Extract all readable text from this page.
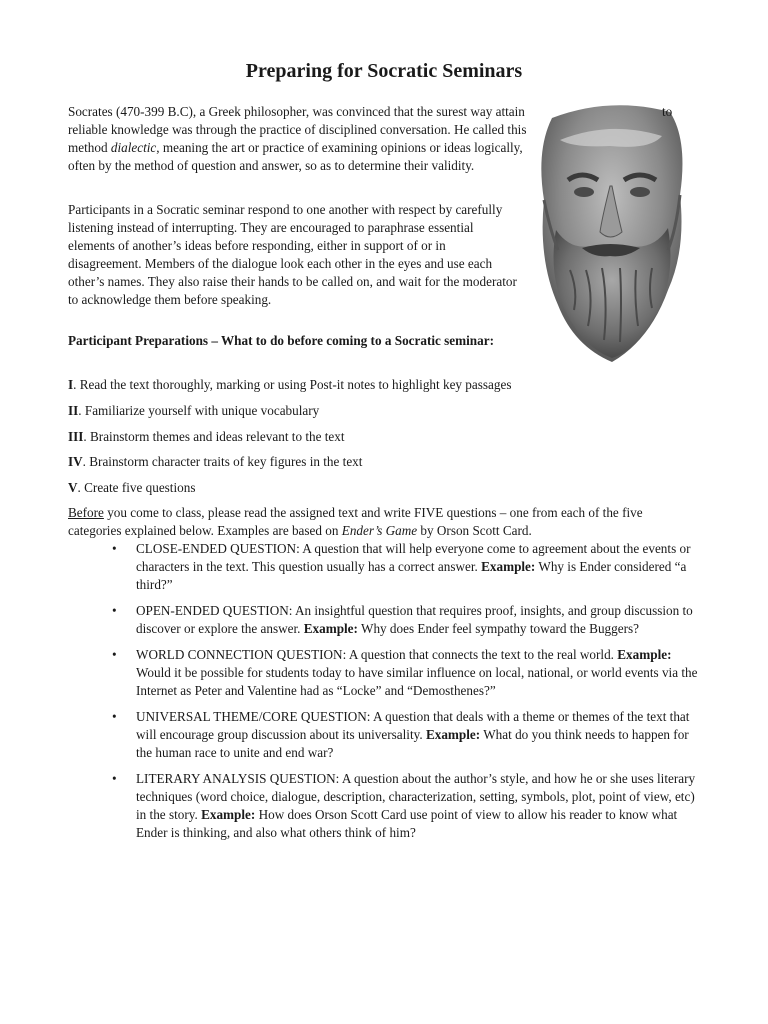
Preparing for Socratic Seminars

Socrates (470-399 B.C), a Greek philosopher, was convinced that the surest way attain reliable knowledge was through the practice of disciplined conversation. He called this method dialectic, meaning the art or practice of examining opinions or ideas logically, often by the method of question and answer, so as to determine their validity.

to

Participants in a Socratic seminar respond to one another with respect by carefully listening instead of interrupting. They are encouraged to paraphrase essential elements of another’s ideas before responding, either in support of or in disagreement. Members of the dialogue look each other in the eyes and use each other’s names. They also raise their hands to be called on, and wait for the moderator to acknowledge them before speaking.

Participant Preparations – What to do before coming to a Socratic seminar:

I. Read the text thoroughly, marking or using Post-it notes to highlight key passages
II. Familiarize yourself with unique vocabulary
III. Brainstorm themes and ideas relevant to the text
IV. Brainstorm character traits of key figures in the text
V. Create five questions
Before you come to class, please read the assigned text and write FIVE questions – one from each of the five categories explained below. Examples are based on Ender’s Game by Orson Scott Card.
• CLOSE-ENDED QUESTION: A question that will help everyone come to agreement about the events or characters in the text. This question usually has a correct answer. Example: Why is Ender considered “a third?”
• OPEN-ENDED QUESTION: An insightful question that requires proof, insights, and group discussion to discover or explore the answer. Example: Why does Ender feel sympathy toward the Buggers?
• WORLD CONNECTION QUESTION: A question that connects the text to the real world. Example: Would it be possible for students today to have similar influence on local, national, or world events via the Internet as Peter and Valentine had as “Locke” and “Demosthenes?”
• UNIVERSAL THEME/CORE QUESTION: A question that deals with a theme or themes of the text that will encourage group discussion about its universality. Example: What do you think needs to happen for the human race to unite and end war?
• LITERARY ANALYSIS QUESTION: A question about the author’s style, and how he or she uses literary techniques (word choice, dialogue, description, characterization, setting, symbols, plot, point of view, etc) in the story. Example: How does Orson Scott Card use point of view to allow his reader to know what Ender is thinking, and also what others think of him?
